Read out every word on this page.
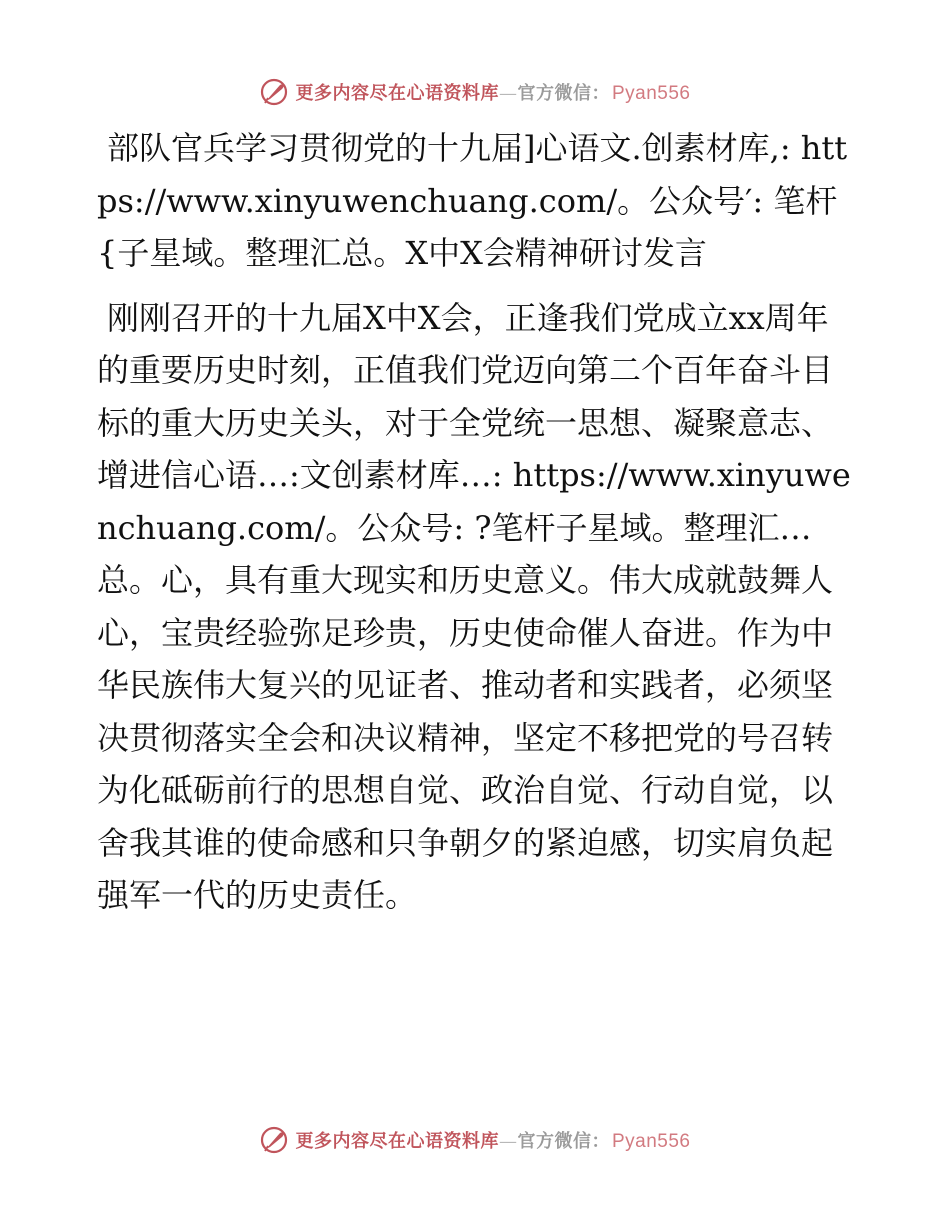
更多内容尽在心语资料库—官方微信： Pyan556

部队官兵学习贯彻党的十九届]心语文.创素材库,: https://www.xinyuwenchuang.com/。公众号′: 笔杆{子星域。整理汇总。X中X会精神研讨发言

刚刚召开的十九届X中X会，正逢我们党成立xx周年的重要历史时刻，正值我们党迈向第二个百年奋斗目标的重大历史关头，对于全党统一思想、凝聚意志、增进信心语…:文创素材库…: https://www.xinyuwenchuang.com/。公众号: ?笔杆子星域。整理汇…总。心，具有重大现实和历史意义。伟大成就鼓舞人心，宝贵经验弥足珍贵，历史使命催人奋进。作为中华民族伟大复兴的见证者、推动者和实践者，必须坚决贯彻落实全会和决议精神，坚定不移把党的号召转为化砥砺前行的思想自觉、政治自觉、行动自觉，以舍我其谁的使命感和只争朝夕的紧迫感，切实肩负起强军一代的历史责任。

更多内容尽在心语资料库—官方微信： Pyan556
